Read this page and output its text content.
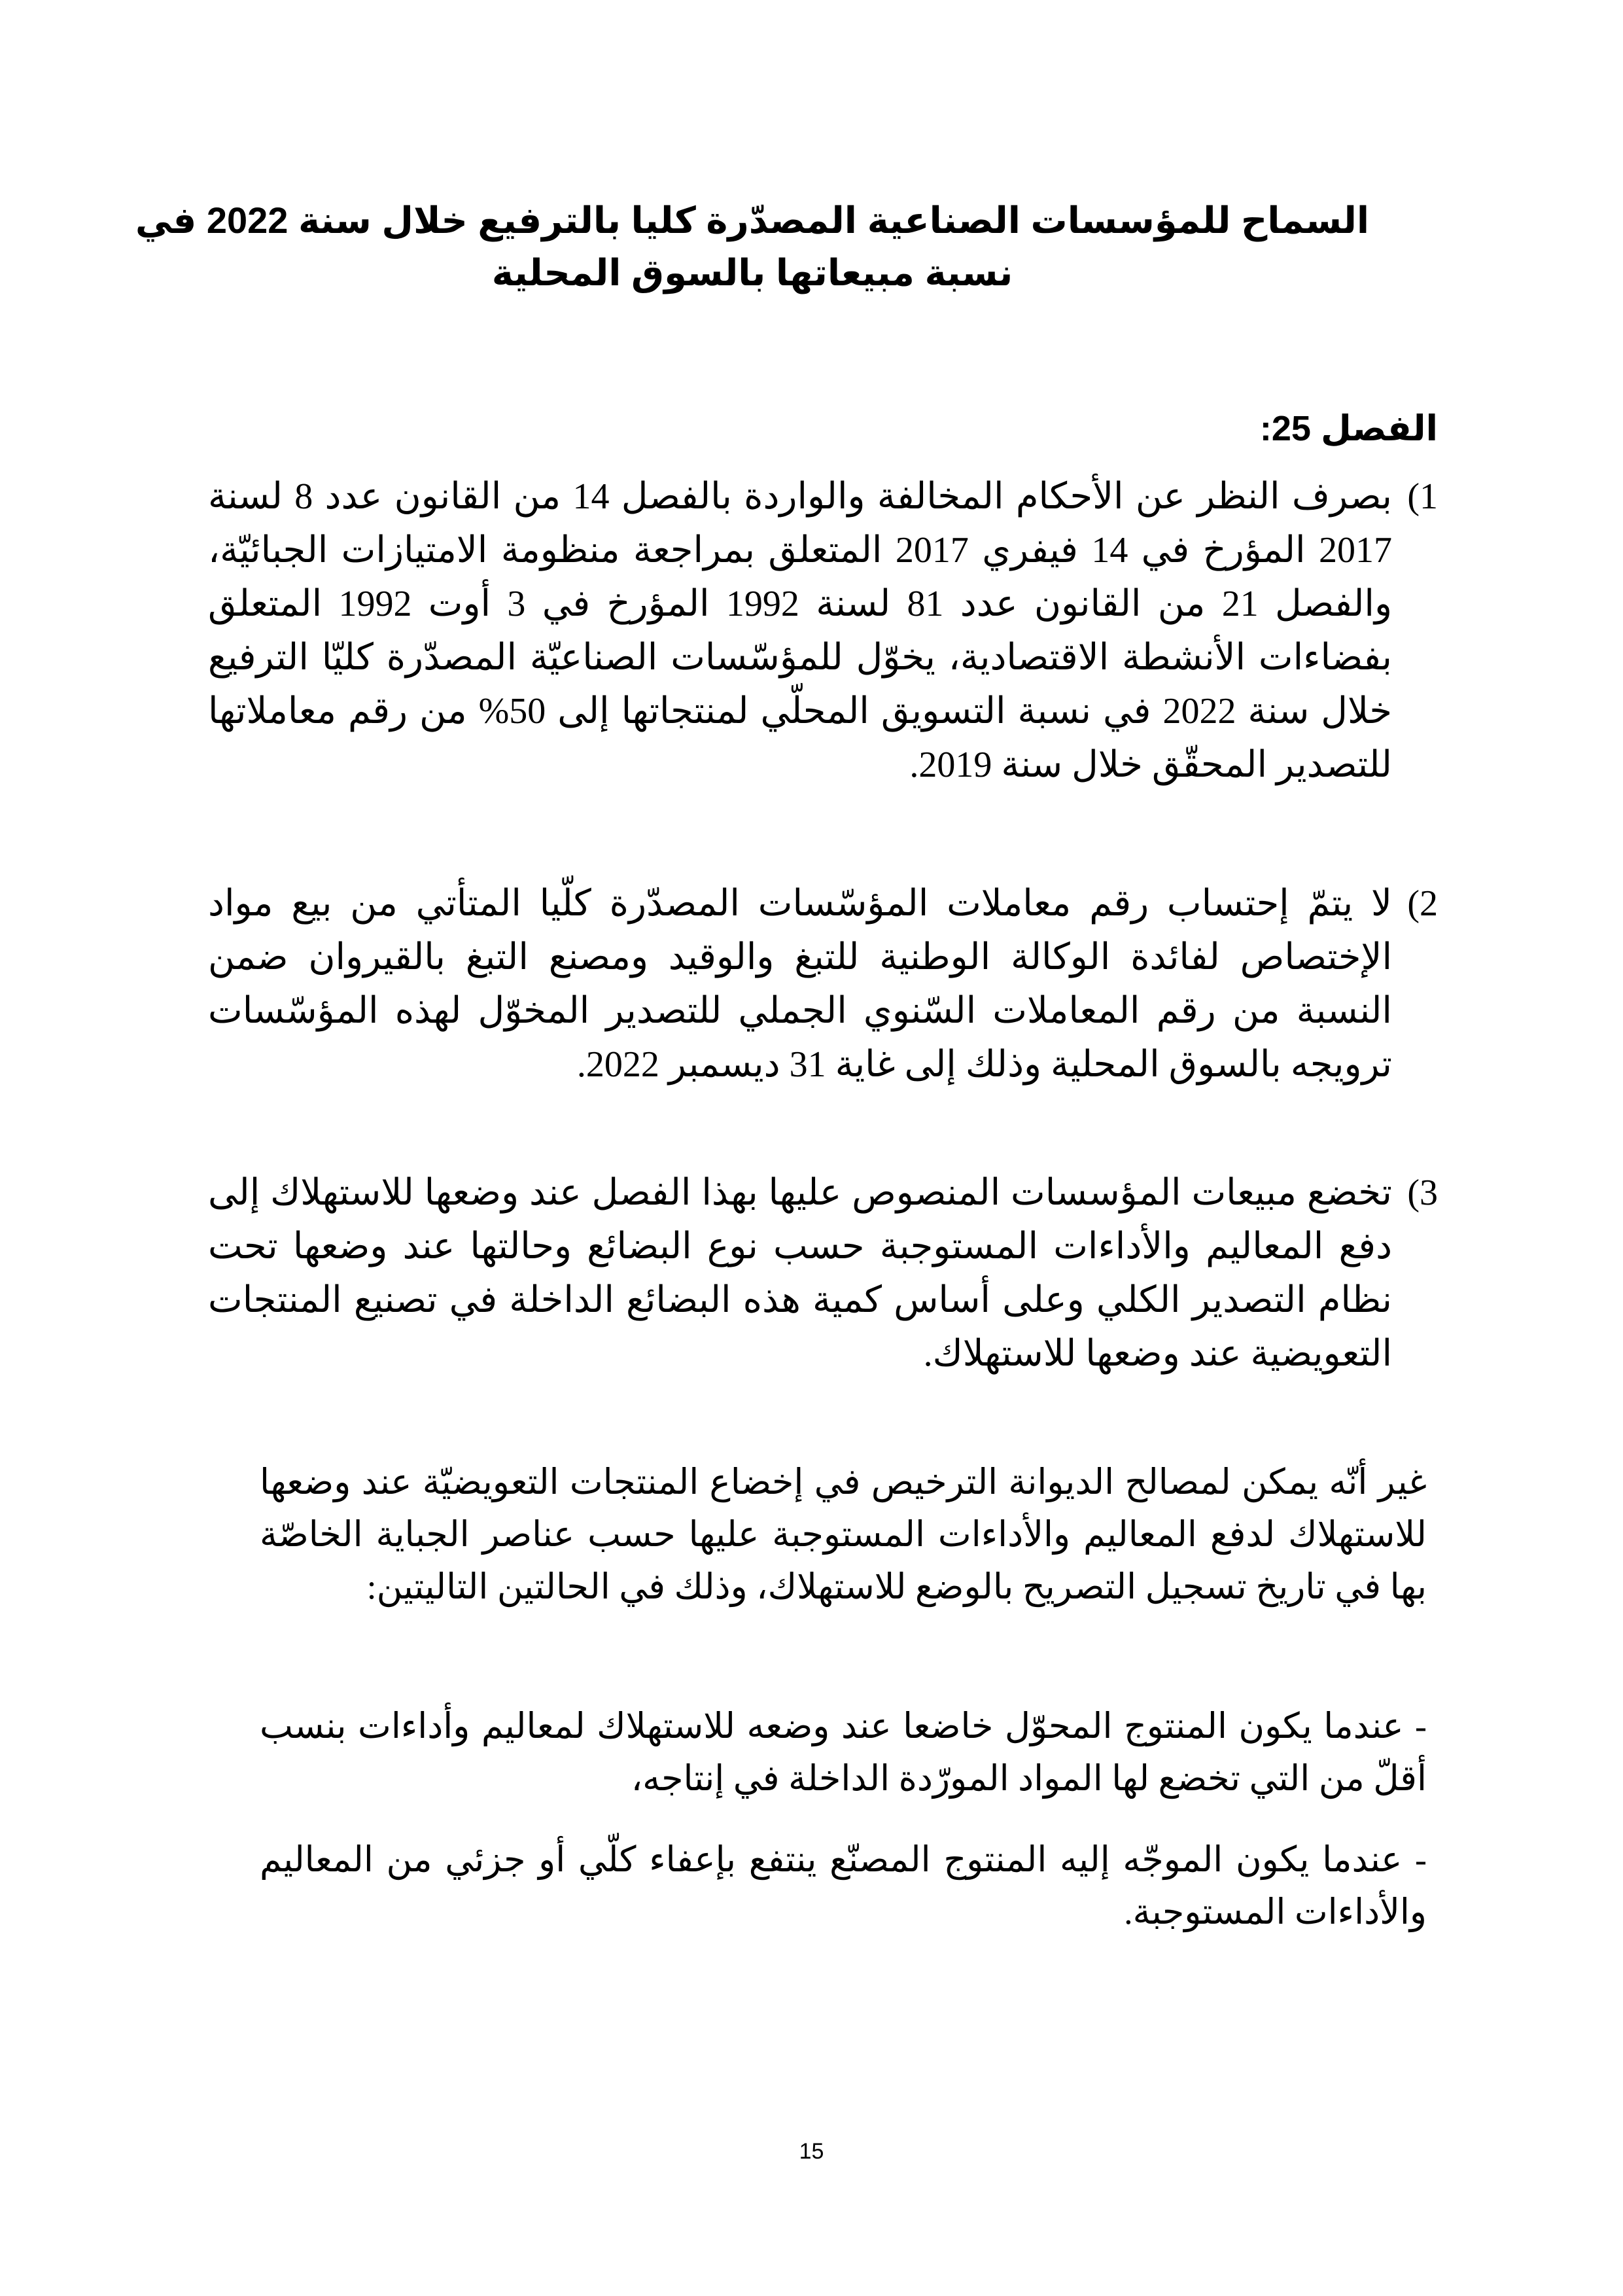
السماح للمؤسسات الصناعية المصدّرة كليا بالترفيع خلال سنة 2022 في
نسبة مبيعاتها بالسوق المحلية
الفصل 25:
1)
بصرف النظر عن الأحكام المخالفة والواردة بالفصل 14 من القانون عدد 8 لسنة 2017 المؤرخ في 14 فيفري 2017 المتعلق بمراجعة منظومة الامتيازات الجبائيّة، والفصل 21 من القانون عدد 81 لسنة 1992 المؤرخ في 3 أوت 1992 المتعلق بفضاءات الأنشطة الاقتصادية، يخوّل للمؤسّسات الصناعيّة المصدّرة كليّا الترفيع خلال سنة 2022 في نسبة التسويق المحلّي لمنتجاتها إلى 50% من رقم معاملاتها للتصدير المحقّق خلال سنة 2019.
2)
لا يتمّ إحتساب رقم معاملات المؤسّسات المصدّرة كلّيا المتأتي من بيع مواد الإختصاص لفائدة الوكالة الوطنية للتبغ والوقيد ومصنع التبغ بالقيروان ضمن النسبة من رقم المعاملات السّنوي الجملي للتصدير المخوّل لهذه المؤسّسات ترويجه بالسوق المحلية وذلك إلى غاية 31 ديسمبر 2022.
3)
تخضع مبيعات المؤسسات المنصوص عليها بهذا الفصل عند وضعها للاستهلاك إلى دفع المعاليم والأداءات المستوجبة حسب نوع البضائع وحالتها عند وضعها تحت نظام التصدير الكلي وعلى أساس كمية هذه البضائع الداخلة في تصنيع المنتجات التعويضية عند وضعها للاستهلاك.

غير أنّه يمكن لمصالح الديوانة الترخيص في إخضاع المنتجات التعويضيّة عند وضعها للاستهلاك لدفع المعاليم والأداءات المستوجبة عليها حسب عناصر الجباية الخاصّة بها في تاريخ تسجيل التصريح بالوضع للاستهلاك، وذلك في الحالتين التاليتين:

- عندما يكون المنتوج المحوّل خاضعا عند وضعه للاستهلاك لمعاليم وأداءات بنسب أقلّ من التي تخضع لها المواد المورّدة الداخلة في إنتاجه،

- عندما يكون الموجّه إليه المنتوج المصنّع ينتفع بإعفاء كلّي أو جزئي من المعاليم والأداءات المستوجبة.

15
